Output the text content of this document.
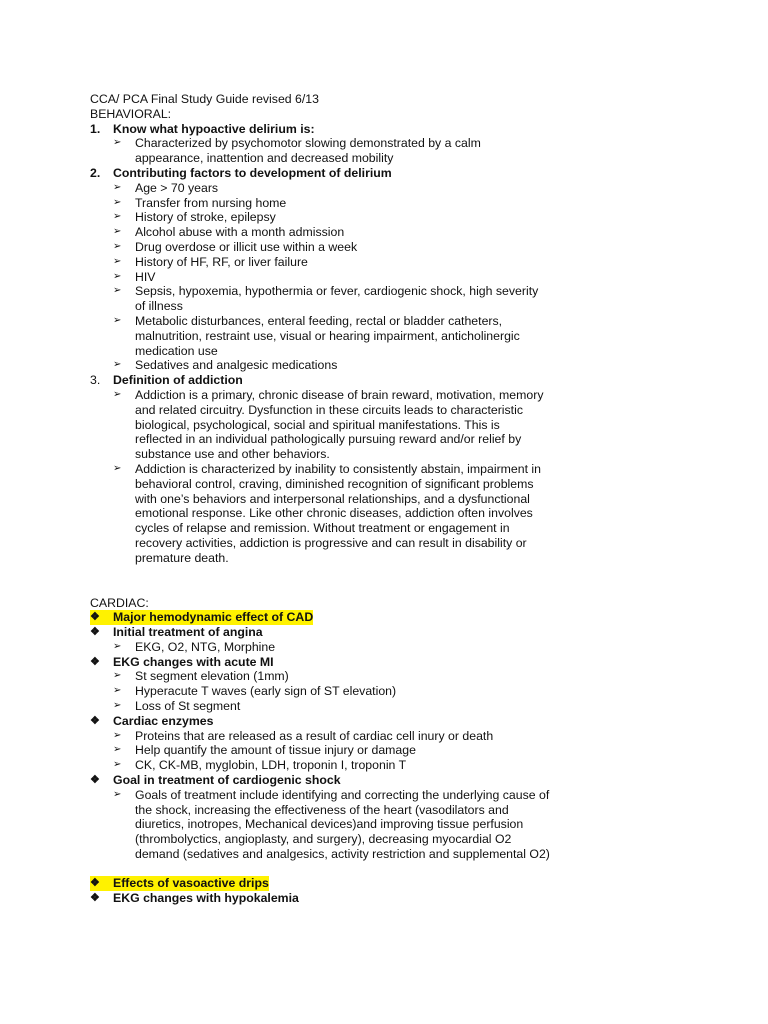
CCA/ PCA Final Study Guide revised 6/13
BEHAVIORAL:
1.	Know what hypoactive delirium is:
➢	Characterized by psychomotor slowing demonstrated by a calm appearance, inattention and decreased mobility
2.	Contributing factors to development of delirium
➢	Age > 70 years
➢	Transfer from nursing home
➢	History of stroke, epilepsy
➢	Alcohol abuse with a month admission
➢	Drug overdose or illicit use within a week
➢	History of HF, RF, or liver failure
➢	HIV
➢	Sepsis, hypoxemia, hypothermia or fever, cardiogenic shock, high severity of illness
➢	Metabolic disturbances, enteral feeding, rectal or bladder catheters, malnutrition, restraint use, visual or hearing impairment, anticholinergic medication use
➢	Sedatives and analgesic medications
3.	Definition of addiction
➢	Addiction is a primary, chronic disease of brain reward, motivation, memory and related circuitry. Dysfunction in these circuits leads to characteristic biological, psychological, social and spiritual manifestations. This is reflected in an individual pathologically pursuing reward and/or relief by substance use and other behaviors.
➢	Addiction is characterized by inability to consistently abstain, impairment in behavioral control, craving, diminished recognition of significant problems with one’s behaviors and interpersonal relationships, and a dysfunctional emotional response. Like other chronic diseases, addiction often involves cycles of relapse and remission. Without treatment or engagement in recovery activities, addiction is progressive and can result in disability or premature death.
CARDIAC:
❖	Major hemodynamic effect of CAD
❖	Initial treatment of angina
➢	EKG, O2, NTG, Morphine
❖	EKG changes with acute MI
➢	St segment elevation (1mm)
➢	Hyperacute T waves (early sign of ST elevation)
➢	Loss of St segment
❖	Cardiac enzymes
➢	Proteins that are released as a result of cardiac cell inury or death
➢	Help quantify the amount of tissue injury or damage
➢	CK, CK-MB, myglobin, LDH, troponin I, troponin T
❖	Goal in treatment of cardiogenic shock
➢	Goals of treatment include identifying and correcting the underlying cause of the shock, increasing the effectiveness of the heart (vasodilators and diuretics, inotropes, Mechanical devices)and improving tissue perfusion (thrombolyctics, angioplasty, and surgery), decreasing myocardial O2 demand (sedatives and analgesics, activity restriction and supplemental O2)
❖	Effects of vasoactive drips
❖	EKG changes with hypokalemia
